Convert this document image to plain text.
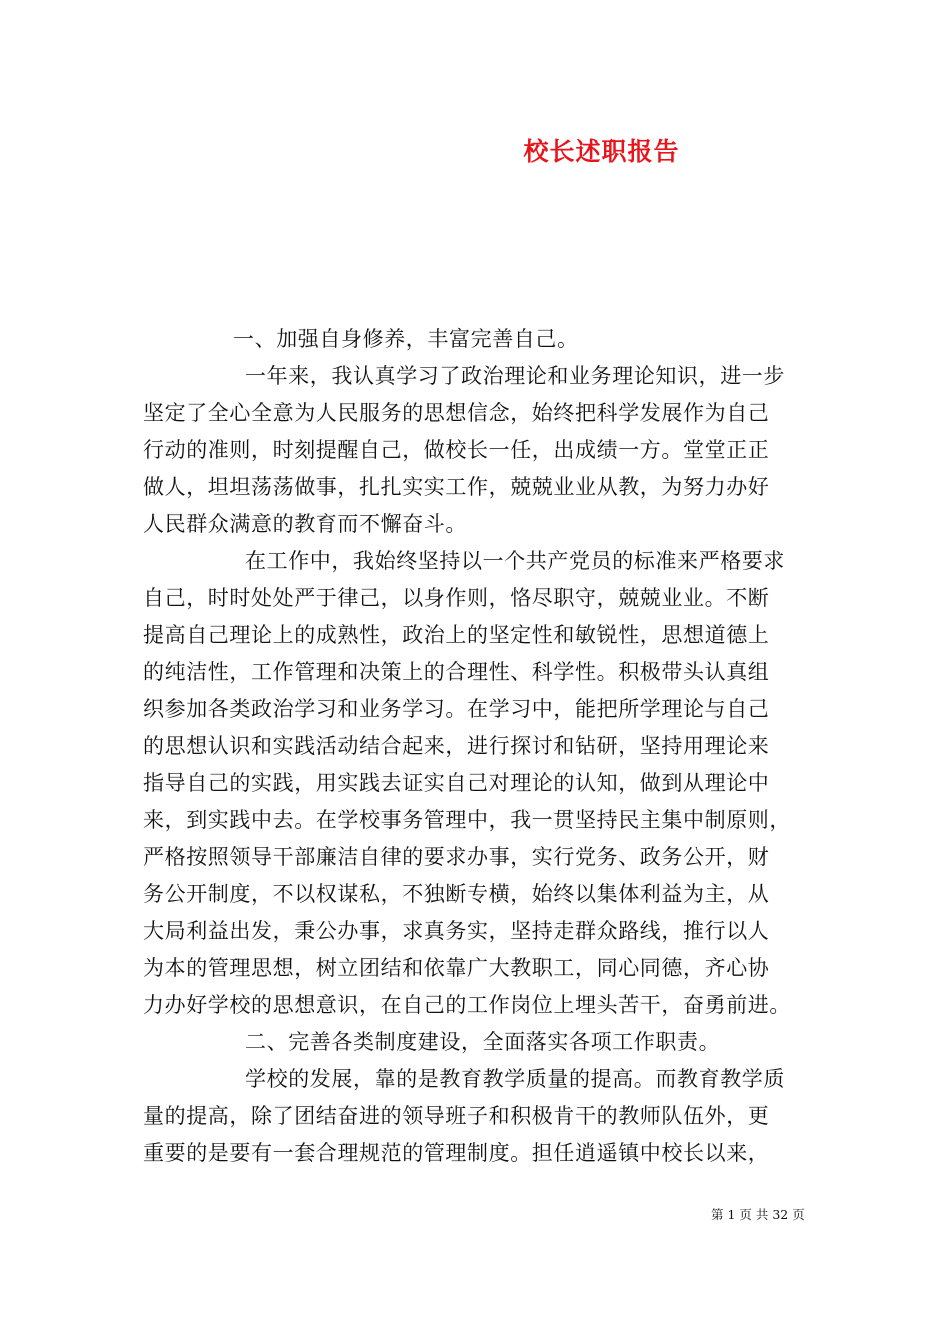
校长述职报告
一、加强自身修养，丰富完善自己。
一年来，我认真学习了政治理论和业务理论知识，进一步
坚定了全心全意为人民服务的思想信念，始终把科学发展作为自己
行动的准则，时刻提醒自己，做校长一任，出成绩一方。堂堂正正
做人，坦坦荡荡做事，扎扎实实工作，兢兢业业从教，为努力办好
人民群众满意的教育而不懈奋斗。
在工作中，我始终坚持以一个共产党员的标准来严格要求
自己，时时处处严于律己，以身作则，恪尽职守，兢兢业业。不断
提高自己理论上的成熟性，政治上的坚定性和敏锐性，思想道德上
的纯洁性，工作管理和决策上的合理性、科学性。积极带头认真组
织参加各类政治学习和业务学习。在学习中，能把所学理论与自己
的思想认识和实践活动结合起来，进行探讨和钻研，坚持用理论来
指导自己的实践，用实践去证实自己对理论的认知，做到从理论中
来，到实践中去。在学校事务管理中，我一贯坚持民主集中制原则，
严格按照领导干部廉洁自律的要求办事，实行党务、政务公开，财
务公开制度，不以权谋私，不独断专横，始终以集体利益为主，从
大局利益出发，秉公办事，求真务实，坚持走群众路线，推行以人
为本的管理思想，树立团结和依靠广大教职工，同心同德，齐心协
力办好学校的思想意识，在自己的工作岗位上埋头苦干，奋勇前进。
二、完善各类制度建设，全面落实各项工作职责。
学校的发展，靠的是教育教学质量的提高。而教育教学质
量的提高，除了团结奋进的领导班子和积极肯干的教师队伍外，更
重要的是要有一套合理规范的管理制度。担任逍遥镇中校长以来，
第 1 页 共 32 页
